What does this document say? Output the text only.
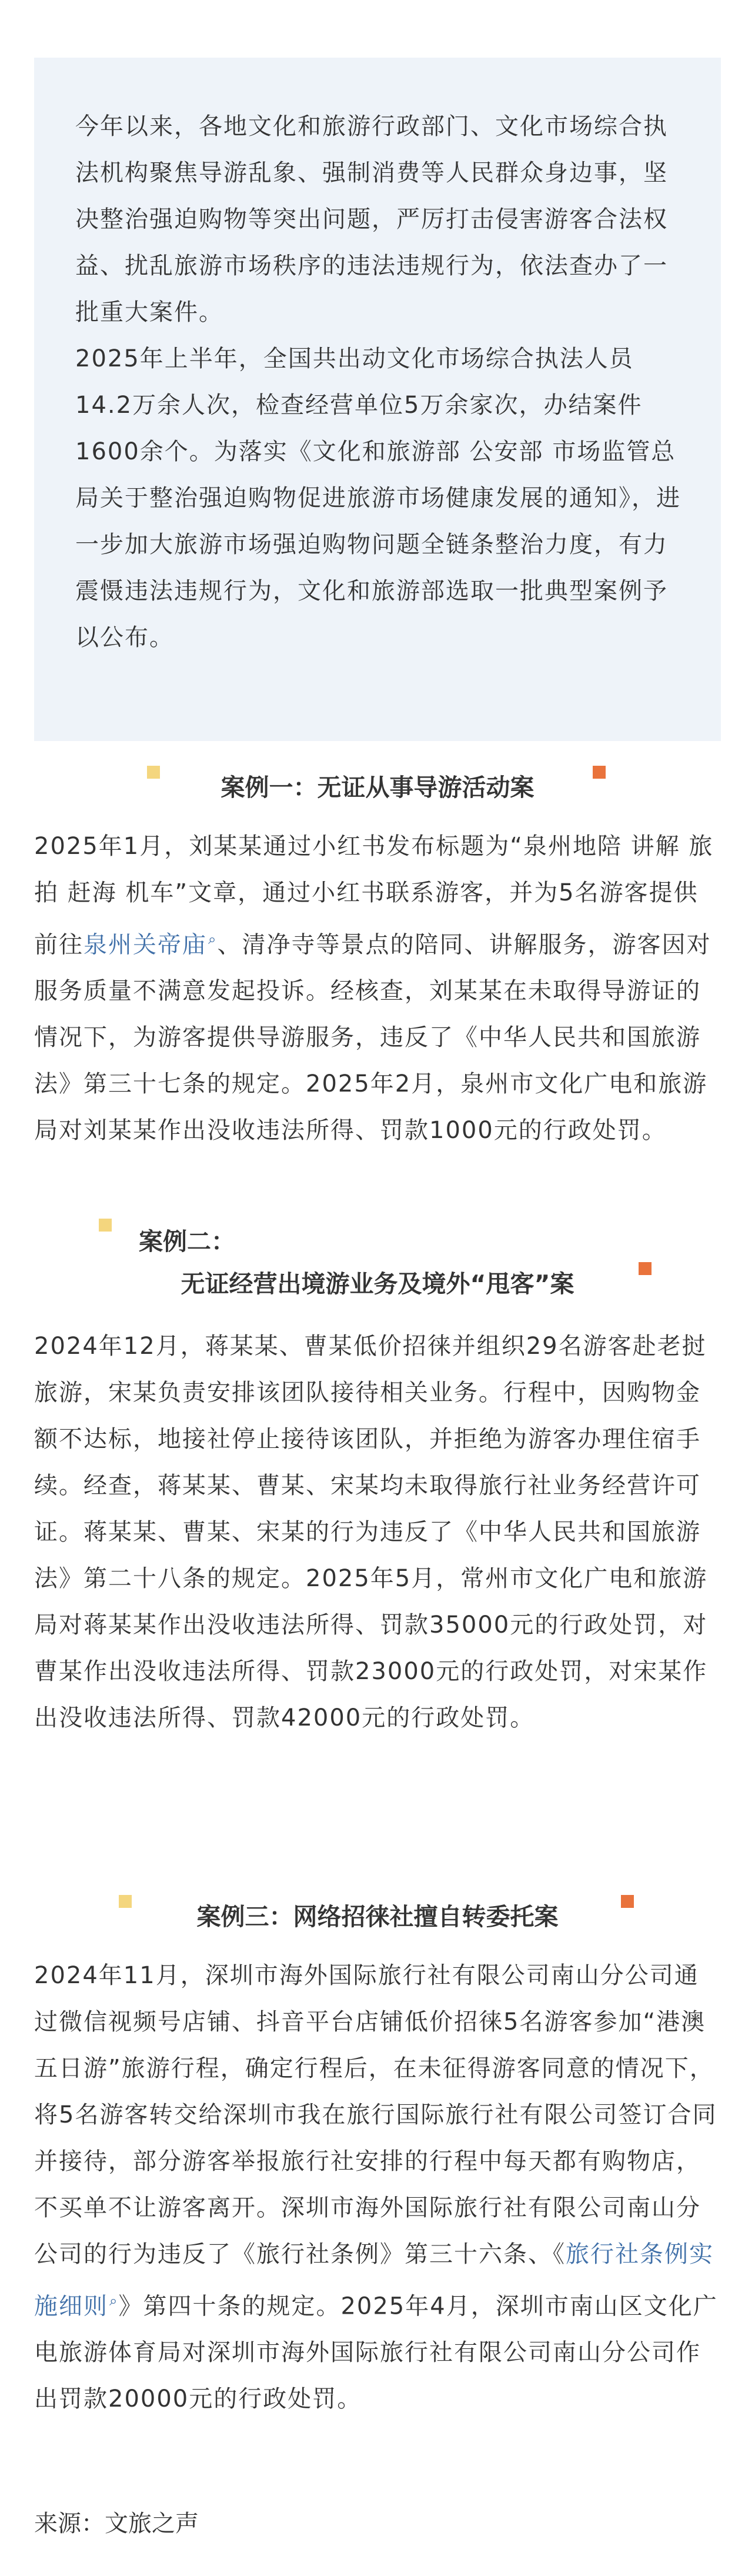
今年以来，各地文化和旅游行政部门、文化市场综合执法机构聚焦导游乱象、强制消费等人民群众身边事，坚决整治强迫购物等突出问题，严厉打击侵害游客合法权益、扰乱旅游市场秩序的违法违规行为，依法查办了一批重大案件。

2025年上半年，全国共出动文化市场综合执法人员14.2万余人次，检查经营单位5万余家次，办结案件1600余个。为落实《文化和旅游部 公安部 市场监管总局关于整治强迫购物促进旅游市场健康发展的通知》，进一步加大旅游市场强迫购物问题全链条整治力度，有力震慑违法违规行为，文化和旅游部选取一批典型案例予以公布。

案例一：无证从事导游活动案

2025年1月，刘某某通过小红书发布标题为“泉州地陪 讲解 旅拍 赶海 机车”文章，通过小红书联系游客，并为5名游客提供前往泉州关帝庙⌕、清净寺等景点的陪同、讲解服务，游客因对服务质量不满意发起投诉。经核查，刘某某在未取得导游证的情况下，为游客提供导游服务，违反了《中华人民共和国旅游法》第三十七条的规定。2025年2月，泉州市文化广电和旅游局对刘某某作出没收违法所得、罚款1000元的行政处罚。

案例二：
无证经营出境游业务及境外“甩客”案

2024年12月，蒋某某、曹某低价招徕并组织29名游客赴老挝旅游，宋某负责安排该团队接待相关业务。行程中，因购物金额不达标，地接社停止接待该团队，并拒绝为游客办理住宿手续。经查，蒋某某、曹某、宋某均未取得旅行社业务经营许可证。蒋某某、曹某、宋某的行为违反了《中华人民共和国旅游法》第二十八条的规定。2025年5月，常州市文化广电和旅游局对蒋某某作出没收违法所得、罚款35000元的行政处罚，对曹某作出没收违法所得、罚款23000元的行政处罚，对宋某作出没收违法所得、罚款42000元的行政处罚。

案例三：网络招徕社擅自转委托案

2024年11月，深圳市海外国际旅行社有限公司南山分公司通过微信视频号店铺、抖音平台店铺低价招徕5名游客参加“港澳五日游”旅游行程，确定行程后，在未征得游客同意的情况下，将5名游客转交给深圳市我在旅行国际旅行社有限公司签订合同并接待，部分游客举报旅行社安排的行程中每天都有购物店，不买单不让游客离开。深圳市海外国际旅行社有限公司南山分公司的行为违反了《旅行社条例》第三十六条、《旅行社条例实施细则⌕》第四十条的规定。2025年4月，深圳市南山区文化广电旅游体育局对深圳市海外国际旅行社有限公司南山分公司作出罚款20000元的行政处罚。

来源：文旅之声
